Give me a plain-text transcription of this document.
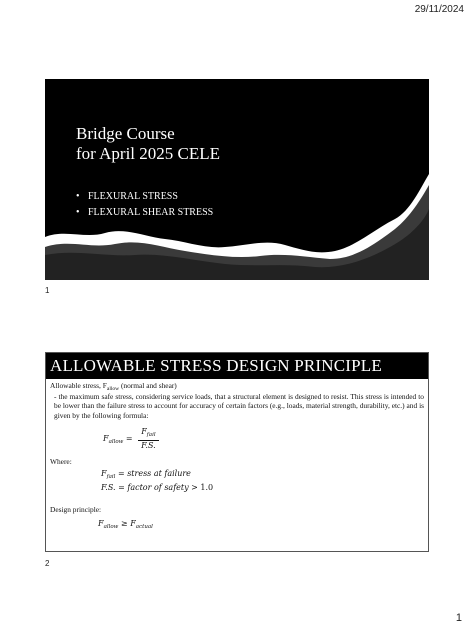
29/11/2024
Bridge Course
for April 2025 CELE
• FLEXURAL STRESS
• FLEXURAL SHEAR STRESS
1
ALLOWABLE STRESS DESIGN PRINCIPLE
Allowable stress, $F_{allow}$ (normal and shear)
- the maximum safe stress, considering service loads, that a structural element is designed to resist. This stress is intended to be lower than the failure stress to account for accuracy of certain factors (e.g., loads, material strength, durability, etc.) and is given by the following formula:
$F_{allow} = \frac{F_{fail}}{F.S.}$
Where:
$F_{fail}$ = stress at failure
F.S. = factor of safety > 1.0
Design principle:
$F_{allow} \ge F_{actual}$
2
1
